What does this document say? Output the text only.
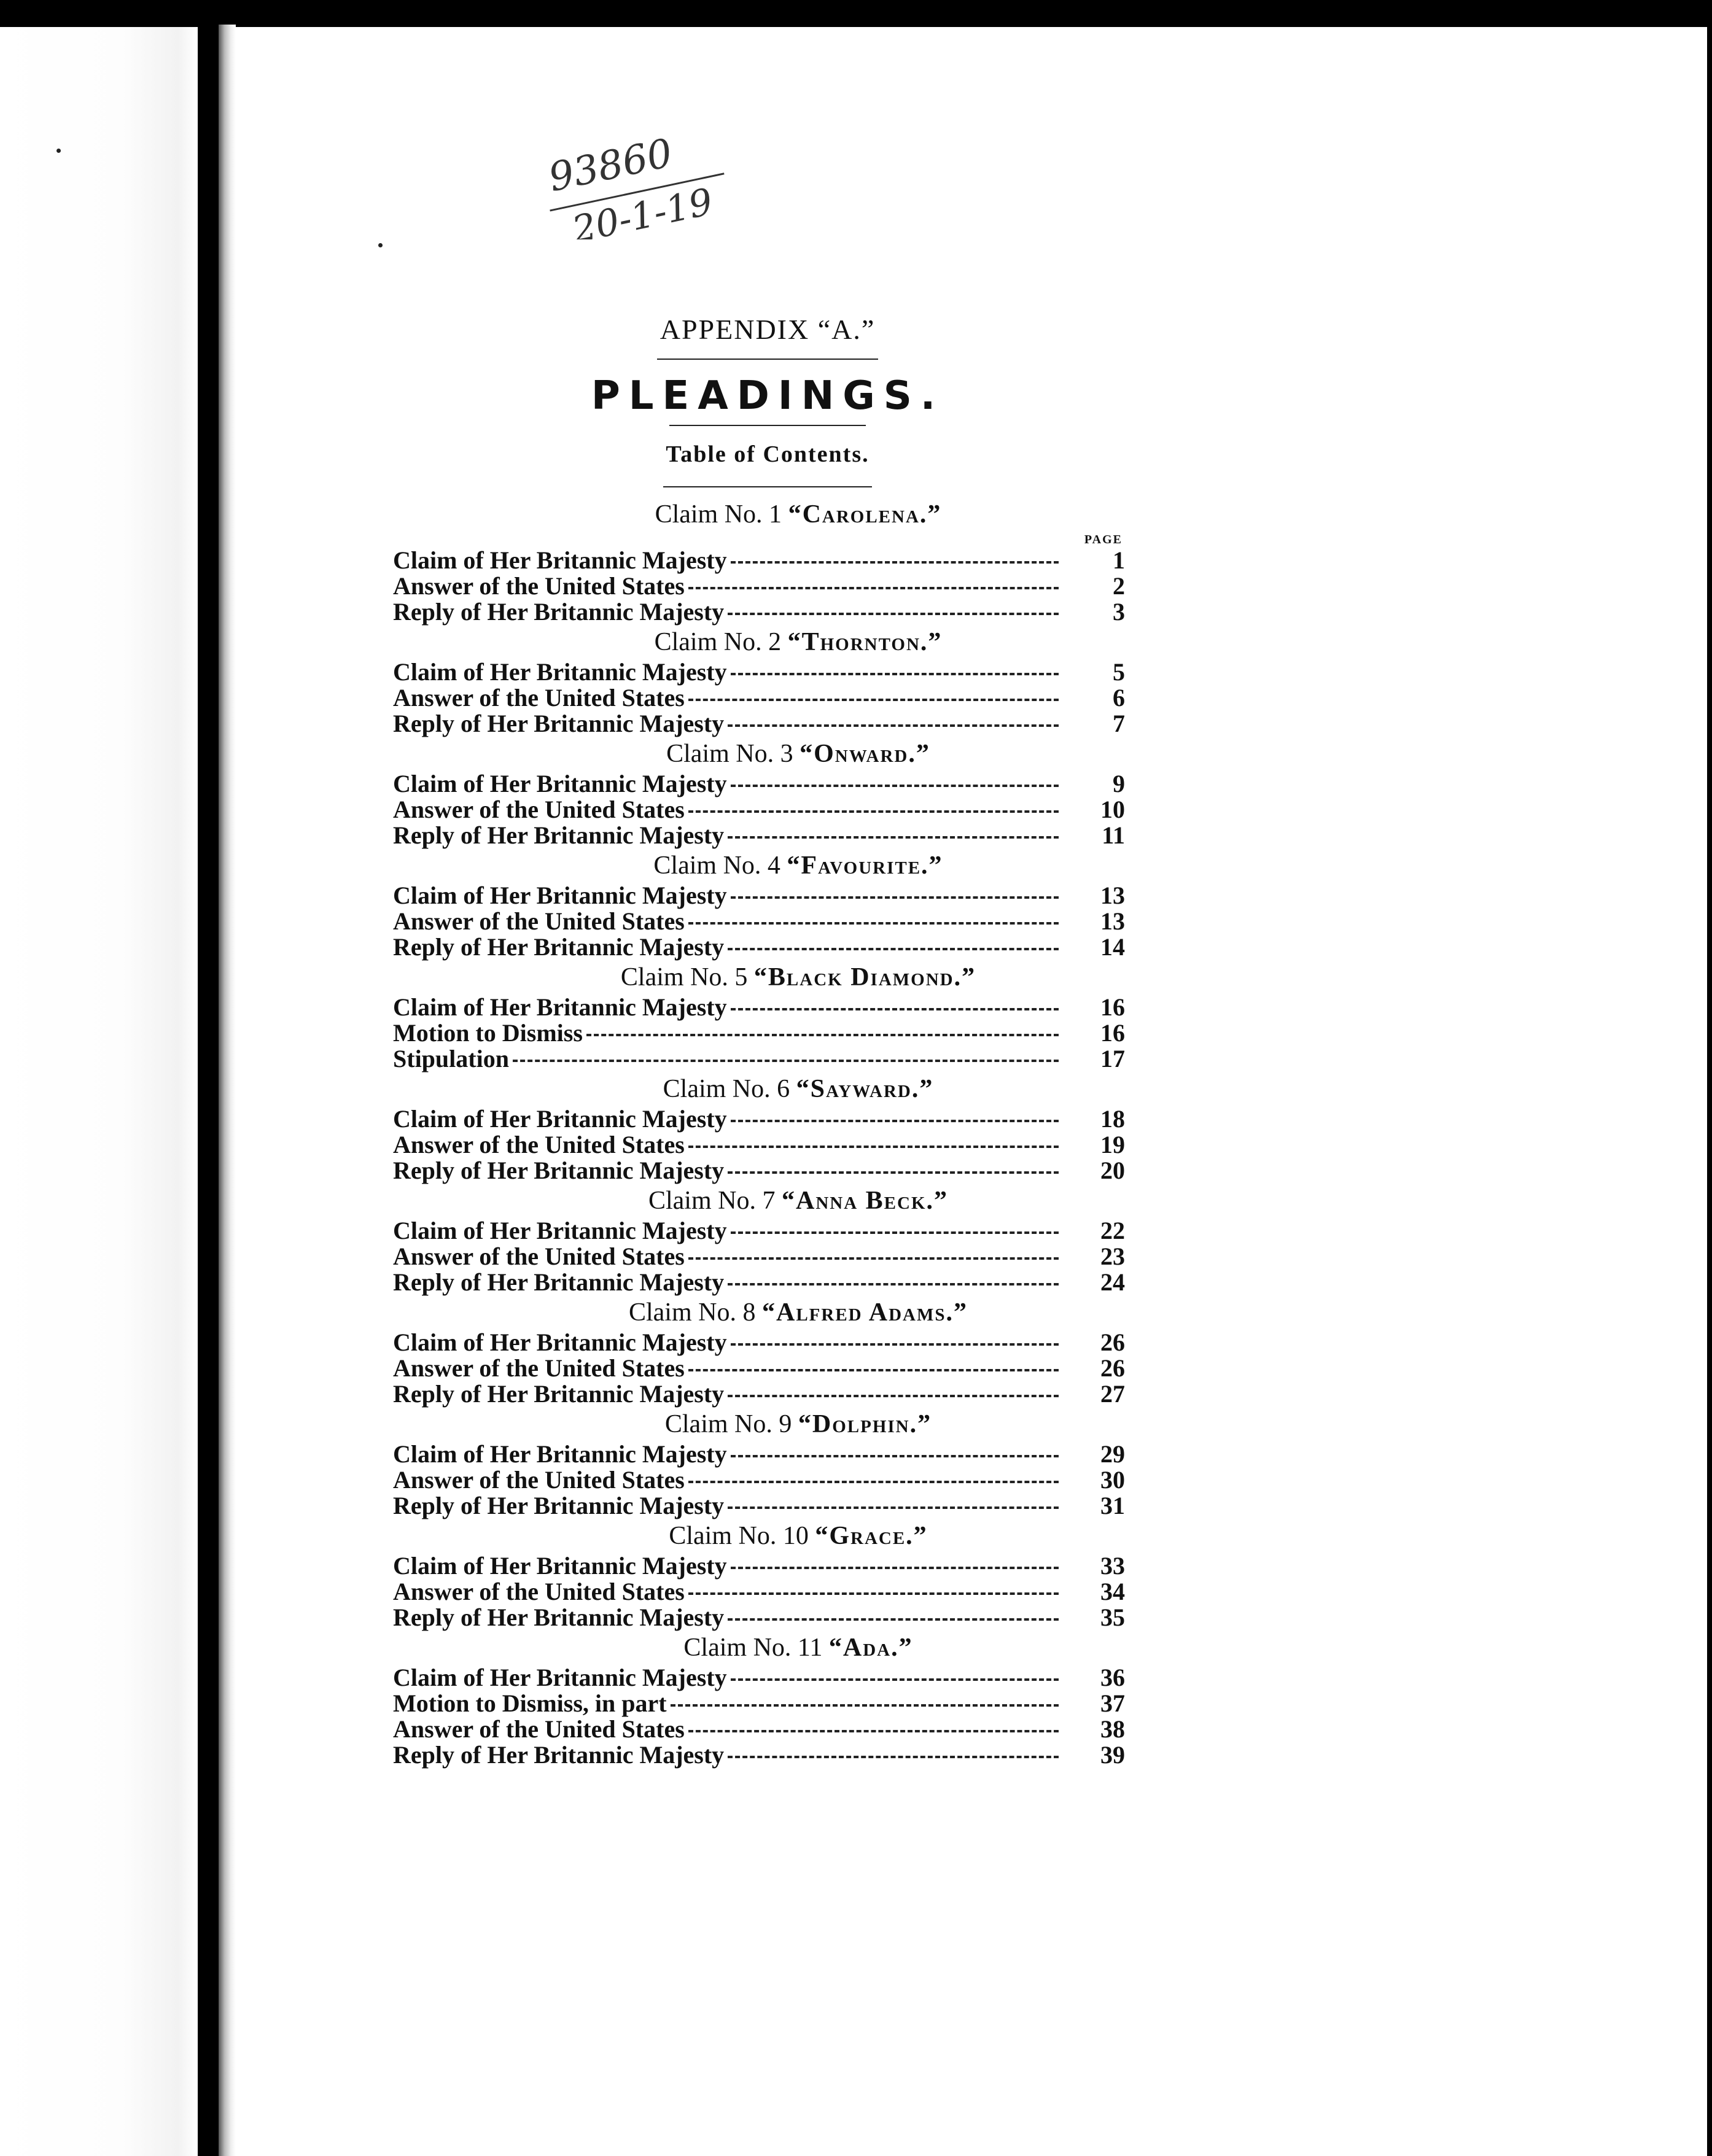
93860
20-1-19
APPENDIX “A.”
PLEADINGS.
Table of Contents.
Claim No. 1 “Carolena.”
PAGE
Claim of Her Britannic Majesty	1
Answer of the United States	2
Reply of Her Britannic Majesty	3
Claim No. 2 “Thornton.”
Claim of Her Britannic Majesty	5
Answer of the United States	6
Reply of Her Britannic Majesty	7
Claim No. 3 “Onward.”
Claim of Her Britannic Majesty	9
Answer of the United States	10
Reply of Her Britannic Majesty	11
Claim No. 4 “Favourite.”
Claim of Her Britannic Majesty	13
Answer of the United States	13
Reply of Her Britannic Majesty	14
Claim No. 5 “Black Diamond.”
Claim of Her Britannic Majesty	16
Motion to Dismiss	16
Stipulation	17
Claim No. 6 “Sayward.”
Claim of Her Britannic Majesty	18
Answer of the United States	19
Reply of Her Britannic Majesty	20
Claim No. 7 “Anna Beck.”
Claim of Her Britannic Majesty	22
Answer of the United States	23
Reply of Her Britannic Majesty	24
Claim No. 8 “Alfred Adams.”
Claim of Her Britannic Majesty	26
Answer of the United States	26
Reply of Her Britannic Majesty	27
Claim No. 9 “Dolphin.”
Claim of Her Britannic Majesty	29
Answer of the United States	30
Reply of Her Britannic Majesty	31
Claim No. 10 “Grace.”
Claim of Her Britannic Majesty	33
Answer of the United States	34
Reply of Her Britannic Majesty	35
Claim No. 11 “Ada.”
Claim of Her Britannic Majesty	36
Motion to Dismiss, in part	37
Answer of the United States	38
Reply of Her Britannic Majesty	39
